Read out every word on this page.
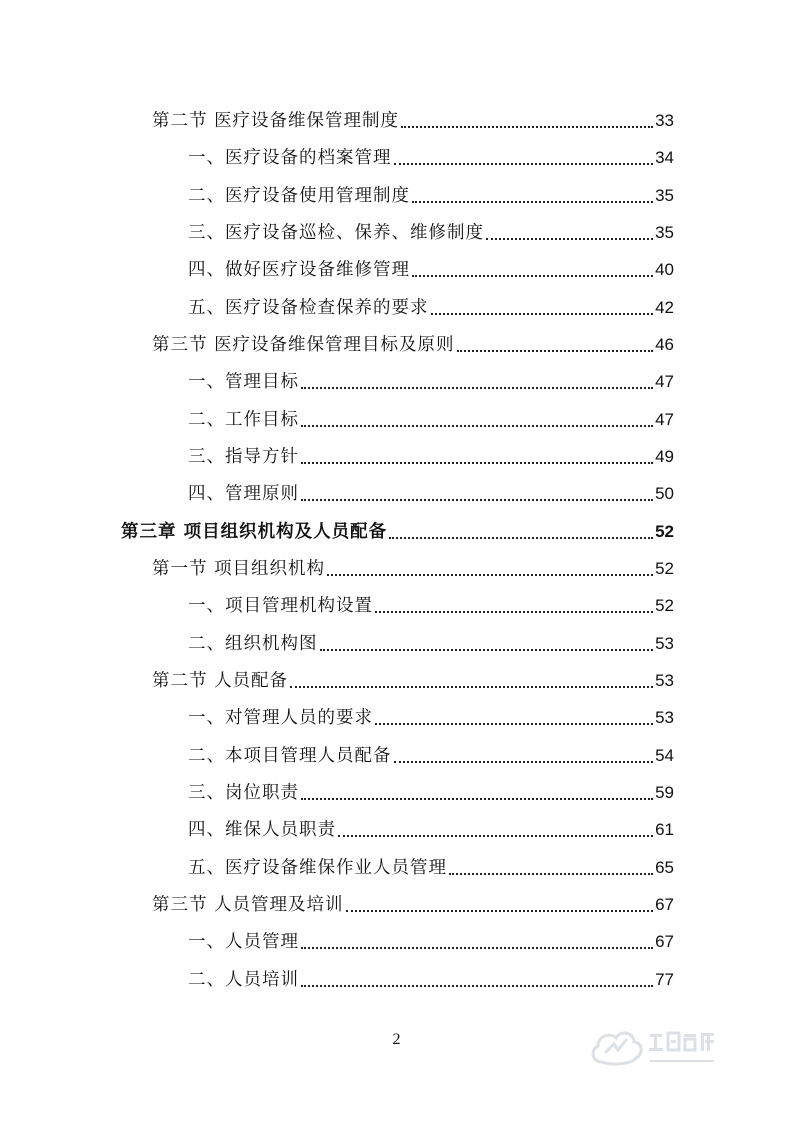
第二节 医疗设备维保管理制度	33
一、医疗设备的档案管理	34
二、医疗设备使用管理制度	35
三、医疗设备巡检、保养、维修制度	35
四、做好医疗设备维修管理	40
五、医疗设备检查保养的要求	42
第三节 医疗设备维保管理目标及原则	46
一、管理目标	47
二、工作目标	47
三、指导方针	49
四、管理原则	50
第三章 项目组织机构及人员配备	52
第一节 项目组织机构	52
一、项目管理机构设置	52
二、组织机构图	53
第二节 人员配备	53
一、对管理人员的要求	53
二、本项目管理人员配备	54
三、岗位职责	59
四、维保人员职责	61
五、医疗设备维保作业人员管理	65
第三节 人员管理及培训	67
一、人员管理	67
二、人员培训	77
2
